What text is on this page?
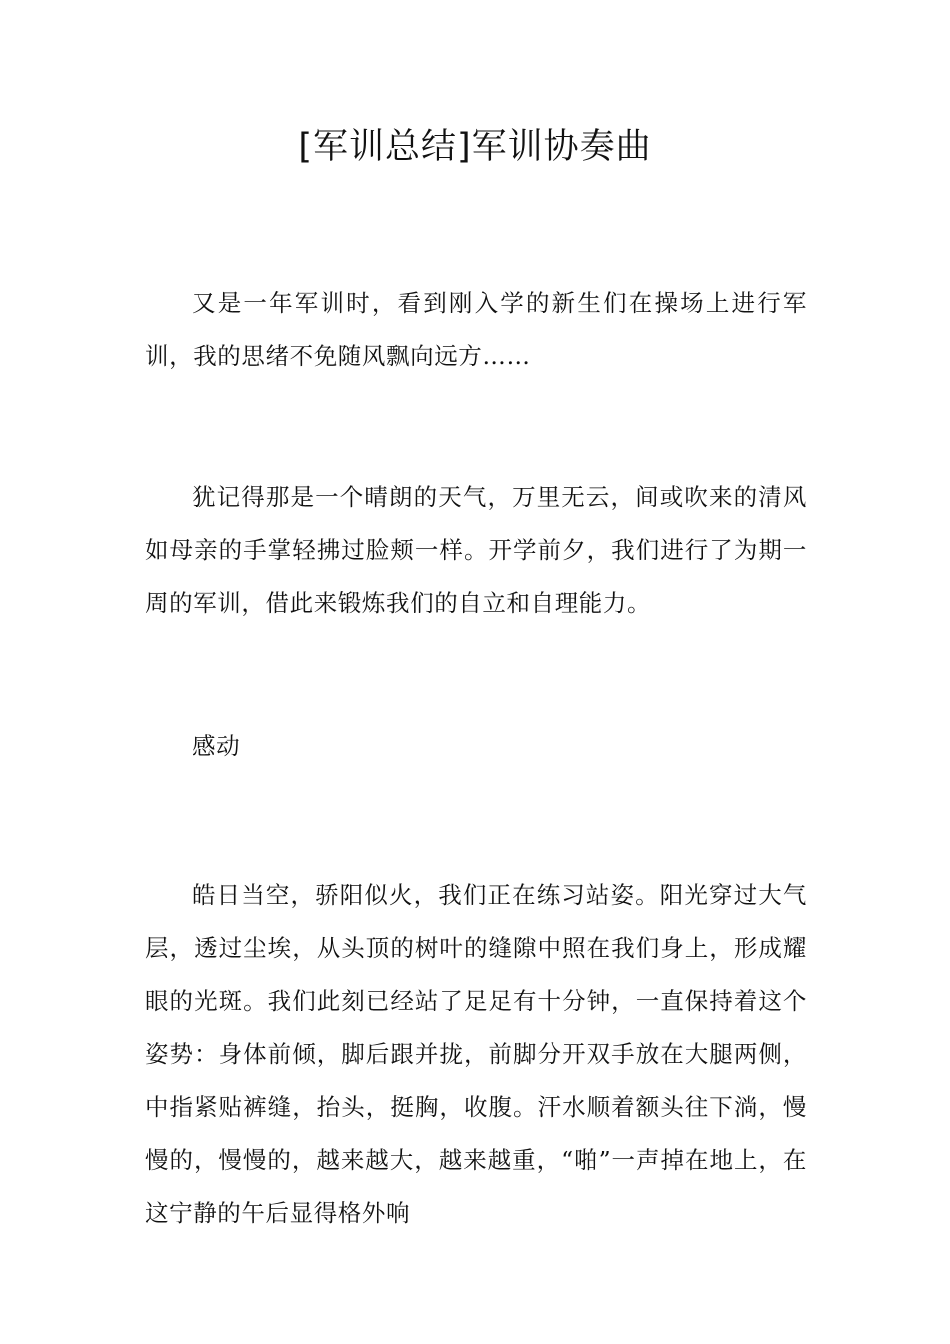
[军训总结]军训协奏曲

又是一年军训时，看到刚入学的新生们在操场上进行军训，我的思绪不免随风飘向远方……

犹记得那是一个晴朗的天气，万里无云，间或吹来的清风如母亲的手掌轻拂过脸颊一样。开学前夕，我们进行了为期一周的军训，借此来锻炼我们的自立和自理能力。

感动

皓日当空，骄阳似火，我们正在练习站姿。阳光穿过大气层，透过尘埃，从头顶的树叶的缝隙中照在我们身上，形成耀眼的光斑。我们此刻已经站了足足有十分钟，一直保持着这个姿势：身体前倾，脚后跟并拢，前脚分开双手放在大腿两侧，中指紧贴裤缝，抬头，挺胸，收腹。汗水顺着额头往下淌，慢慢的，慢慢的，越来越大，越来越重，“啪”一声掉在地上，在这宁静的午后显得格外响
